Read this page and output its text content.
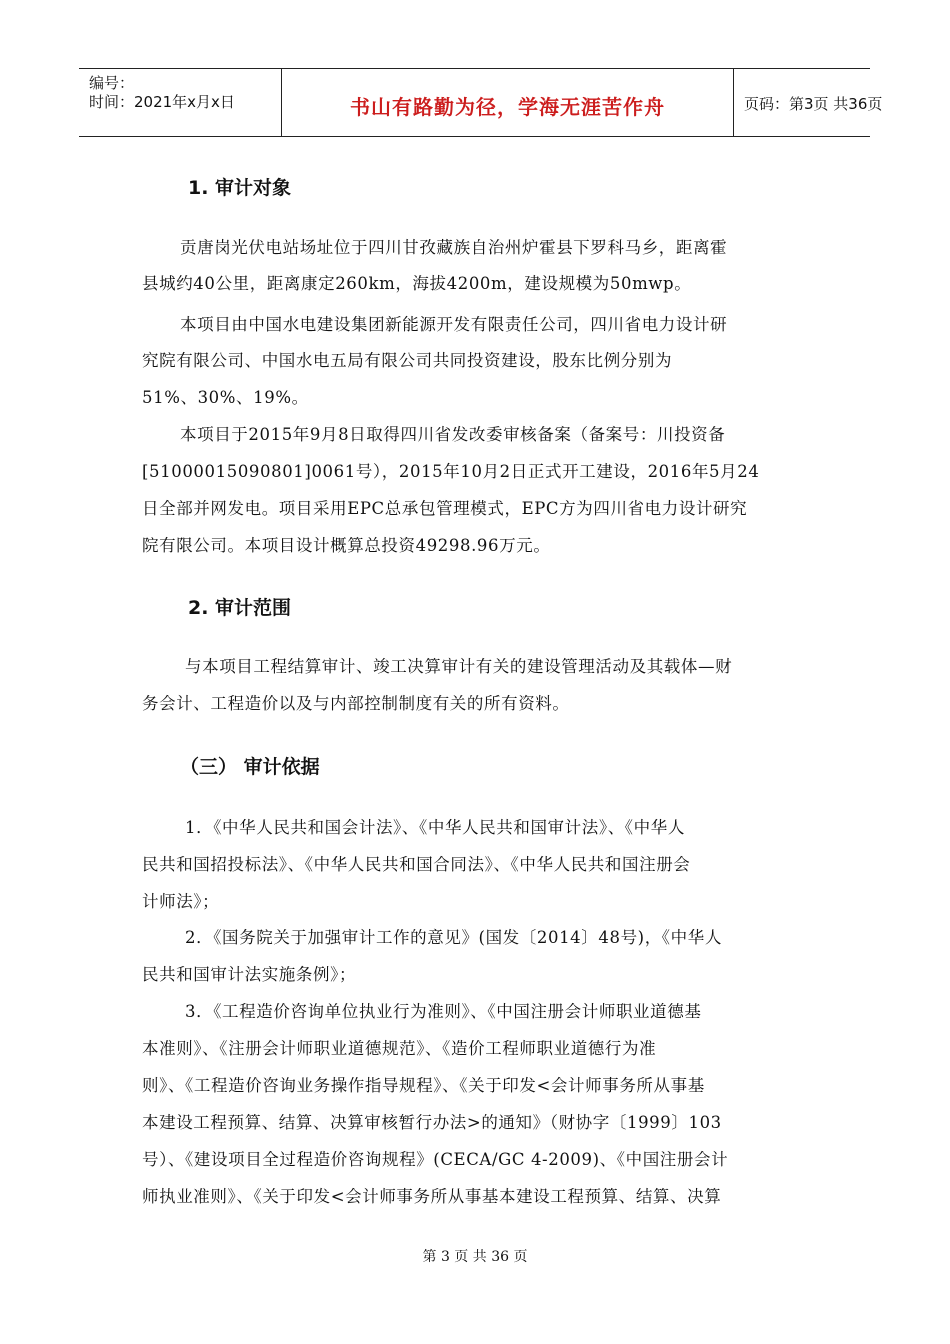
编号：
时间：2021年x月x日	书山有路勤为径，学海无涯苦作舟	页码：第3页 共36页
1. 审计对象
贡唐岗光伏电站场址位于四川甘孜藏族自治州炉霍县下罗科马乡，距离霍
县城约40公里，距离康定260km，海拔4200m，建设规模为50mwp。
本项目由中国水电建设集团新能源开发有限责任公司，四川省电力设计研
究院有限公司、中国水电五局有限公司共同投资建设，股东比例分别为
51%、30%、19%。
本项目于2015年9月8日取得四川省发改委审核备案（备案号：川投资备
[51000015090801]0061号），2015年10月2日正式开工建设，2016年5月24
日全部并网发电。项目采用EPC总承包管理模式，EPC方为四川省电力设计研究
院有限公司。本项目设计概算总投资49298.96万元。
2. 审计范围
与本项目工程结算审计、竣工决算审计有关的建设管理活动及其载体—财
务会计、工程造价以及与内部控制制度有关的所有资料。
（三） 审计依据
1．《中华人民共和国会计法》、《中华人民共和国审计法》、《中华人
民共和国招投标法》、《中华人民共和国合同法》、《中华人民共和国注册会
计师法》；
2．《国务院关于加强审计工作的意见》(国发〔2014〕48号)，《中华人
民共和国审计法实施条例》；
3．《工程造价咨询单位执业行为准则》、《中国注册会计师职业道德基
本准则》、《注册会计师职业道德规范》、《造价工程师职业道德行为准
则》、《工程造价咨询业务操作指导规程》、《关于印发<会计师事务所从事基
本建设工程预算、结算、决算审核暂行办法>的通知》（财协字〔1999〕103
号）、《建设项目全过程造价咨询规程》(CECA/GC 4-2009)、《中国注册会计
师执业准则》、《关于印发<会计师事务所从事基本建设工程预算、结算、决算
第 3 页 共 36 页
